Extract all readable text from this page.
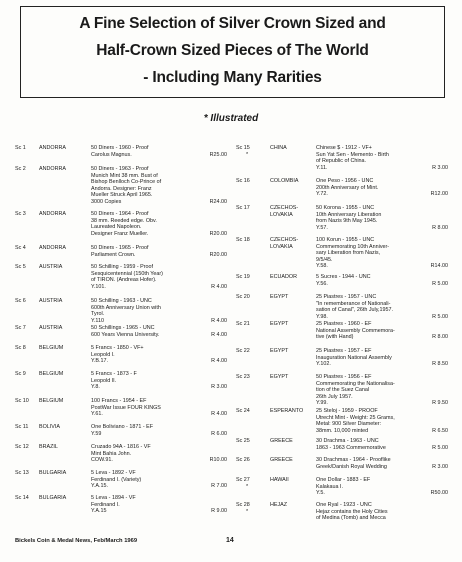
A Fine Selection of Silver Crown Sized and
Half-Crown Sized Pieces of The World
- Including Many Rarities
* Illustrated
Sc 1	ANDORRA	50 Diners - 1960 - Proof
Carolus Magnus.	R25.00
Sc 2	ANDORRA	50 Diners - 1963 - Proof
Munich Mint 38 mm. Bust of
Bishop Benlloch Co-Prince of
Andorra. Designer: Franz
Mueller Struck April 1965.
3000 Copies	R24.00
Sc 3	ANDORRA	50 Diners - 1964 - Proof
38 mm. Reeded edge. Obv.
Laureated Napoleon.
Designer Franz Mueller.	R20.00
Sc 4	ANDORRA	50 Diners - 1965 - Proof
Parliament Crown.	R20.00
Sc 5	AUSTRIA	50 Schilling - 1959 - Proof
Sesquicentennial (150th Year)
of TIRON. (Andreas Hofer).
Y.101.	R 4.00
Sc 6	AUSTRIA	50 Schilling - 1963 - UNC
600th Anniversary Union with
Tyrol.
Y.110	R 4.00
Sc 7	AUSTRIA	50 Schillings - 1965 - UNC
600 Years Vienna University.	R 4.00
Sc 8	BELGIUM	5 Francs - 1850 - VF+
Leopold I.
Y.B.17.	R 4.00
Sc 9	BELGIUM	5 Francs - 1873 - F
Leopold II.
Y.8.	R 3.00
Sc 10	BELGIUM	100 Francs - 1954 - EF
PostWar Issue FOUR KINGS
Y.61.	R 4.00
Sc 11	BOLIVIA	One Boliviano - 1871 - EF
Y.59	R 6.00
Sc 12	BRAZIL	Cruzado 94A - 1816 - VF
Mint Bahia John.
COW.91.	R10.00
Sc 13	BULGARIA	5 Leva - 1892 - VF
Ferdinand I. (Variety)
Y.A.15.	R 7.00
Sc 14	BULGARIA	5 Leva - 1894 - VF
Ferdinand I.
Y.A.15	R 9.00
Sc 15
*
CHINA	Chinese $ - 1912 - VF+
Sun Yat Sen - Memento - Birth
of Republic of China.
Y.11.	R 3.00
Sc 16	COLOMBIA	One Peso - 1956 - UNC
200th Anniversary of Mint.
Y.72.	R12.00
Sc 17	CZECHOS-
LOVAKIA
50 Korona - 1955 - UNC
10th Anniversary Liberation
from Nazis 9th May 1945.
Y.57.	R 8.00
Sc 18	CZECHOS-
LOVAKIA
100 Korun - 1955 - UNC
Commemorating 10th Anniver-
sary Liberation from Nazis,
9/5/45.
Y.58.	R14.00
Sc 19	ECUADOR	5 Sucres - 1944 - UNC
Y.56.	R 5.00
Sc 20	EGYPT	25 Piastres - 1957 - UNC
"In rememberance of Nationali-
sation of Canal", 26th July,1957.
Y.98.	R 5.00
Sc 21	EGYPT	25 Piastres - 1960 - EF
National Assembly Commemora-
tive (with Hand)	R 8.00
Sc 22	EGYPT	25 Piastres - 1957 - EF
Inauguration National Assembly
Y.102.	R 8.50
Sc 23	EGYPT	50 Piastres - 1956 - EF
Commemorating the Nationalisa-
tion of the Suez Canal
26th July 1957.
Y.99.	R 9.50
Sc 24	ESPERANTO	25 Steloj - 1959 - PROOF
Utrecht Mint - Weight: 25 Grams,
Metal: 900 Silver Diameter:
38mm. 10,000 minted	R 6.50
Sc 25	GREECE	30 Drachma - 1963 - UNC
1863 - 1963 Commemorative	R 5.00
Sc 26	GREECE	30 Drachmas - 1964 - Prooflike
Greek/Danish Royal Wedding	R 3.00
Sc 27
*
HAWAII	One Dollar - 1883 - EF
Kalakaua I.
Y.5.	R50.00
Sc 28
*
HEJAZ	One Ryal - 1923 - UNC
Hejaz contains the Holy Cities
of Medina (Tomb) and Mecca
Bickels Coin & Medal News, Feb/March 1969	14
